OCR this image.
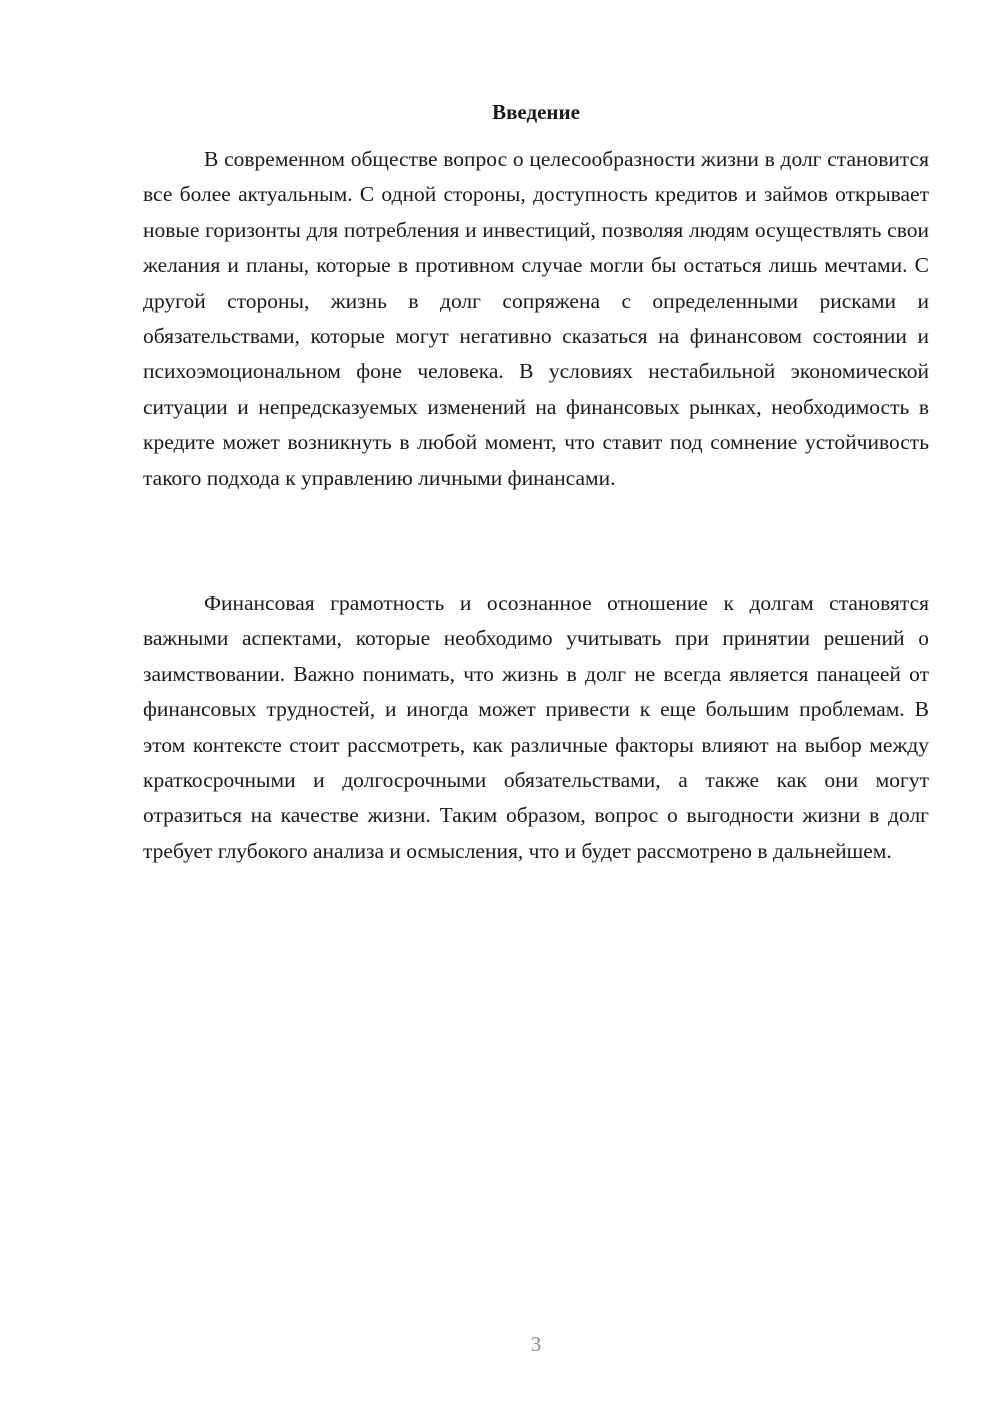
Введение

В современном обществе вопрос о целесообразности жизни в долг становится все более актуальным. С одной стороны, доступность кредитов и займов открывает новые горизонты для потребления и инвестиций, позволяя людям осуществлять свои желания и планы, которые в противном случае могли бы остаться лишь мечтами. С другой стороны, жизнь в долг сопряжена с определенными рисками и обязательствами, которые могут негативно сказаться на финансовом состоянии и психоэмоциональном фоне человека. В условиях нестабильной экономической ситуации и непредсказуемых изменений на финансовых рынках, необходимость в кредите может возникнуть в любой момент, что ставит под сомнение устойчивость такого подхода к управлению личными финансами.

Финансовая грамотность и осознанное отношение к долгам становятся важными аспектами, которые необходимо учитывать при принятии решений о заимствовании. Важно понимать, что жизнь в долг не всегда является панацеей от финансовых трудностей, и иногда может привести к еще большим проблемам. В этом контексте стоит рассмотреть, как различные факторы влияют на выбор между краткосрочными и долгосрочными обязательствами, а также как они могут отразиться на качестве жизни. Таким образом, вопрос о выгодности жизни в долг требует глубокого анализа и осмысления, что и будет рассмотрено в дальнейшем.

3
